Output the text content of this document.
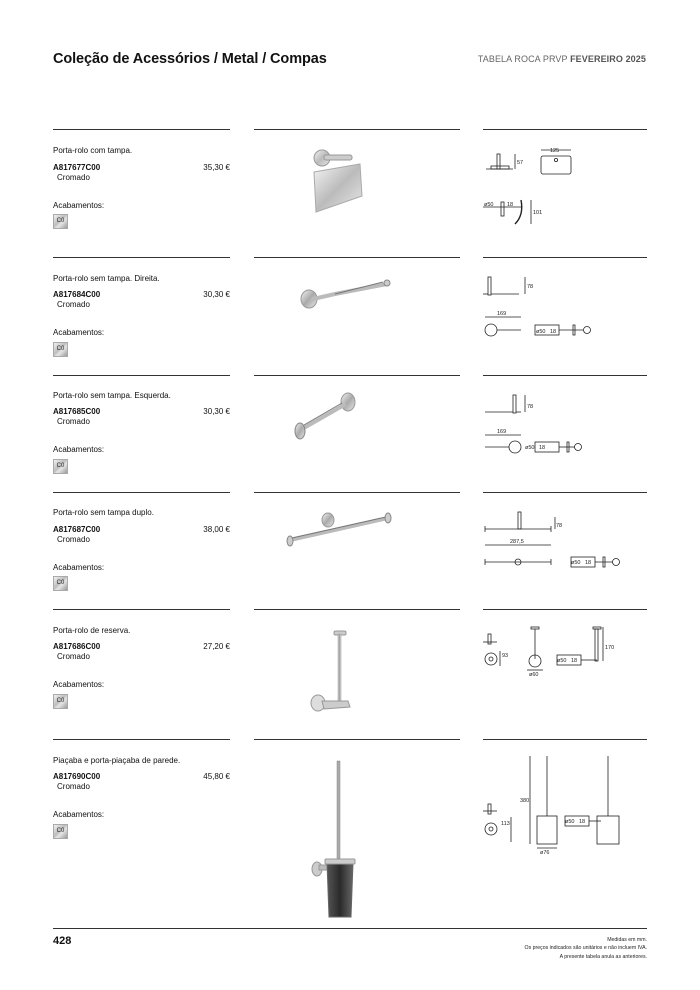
Coleção de Acessórios / Metal / Compas	TABELA ROCA PRVP FEVEREIRO 2025
Porta-rolo com tampa.
A817677C00	35,30 €
Cromado
Acabamentos:
C0
125
57
ø50 18
101
Porta-rolo sem tampa. Direita.
A817684C00	30,30 €
Cromado
Acabamentos:
C0
78
169
ø50 18
Porta-rolo sem tampa. Esquerda.
A817685C00	30,30 €
Cromado
Acabamentos:
C0
78
169
ø50 18
Porta-rolo sem tampa duplo.
A817687C00	38,00 €
Cromado
Acabamentos:
C0
78
287,5
ø50 18
Porta-rolo de reserva.
A817686C00	27,20 €
Cromado
Acabamentos:
C0
93
ø60
ø50 18
170
Piaçaba e porta-piaçaba de parede.
A817690C00	45,80 €
Cromado
Acabamentos:
C0
380
113
ø76
ø50 18
428	Medidas em mm.
Os preços indicados são unitários e não incluem IVA.
A presente tabela anula as anteriores.
